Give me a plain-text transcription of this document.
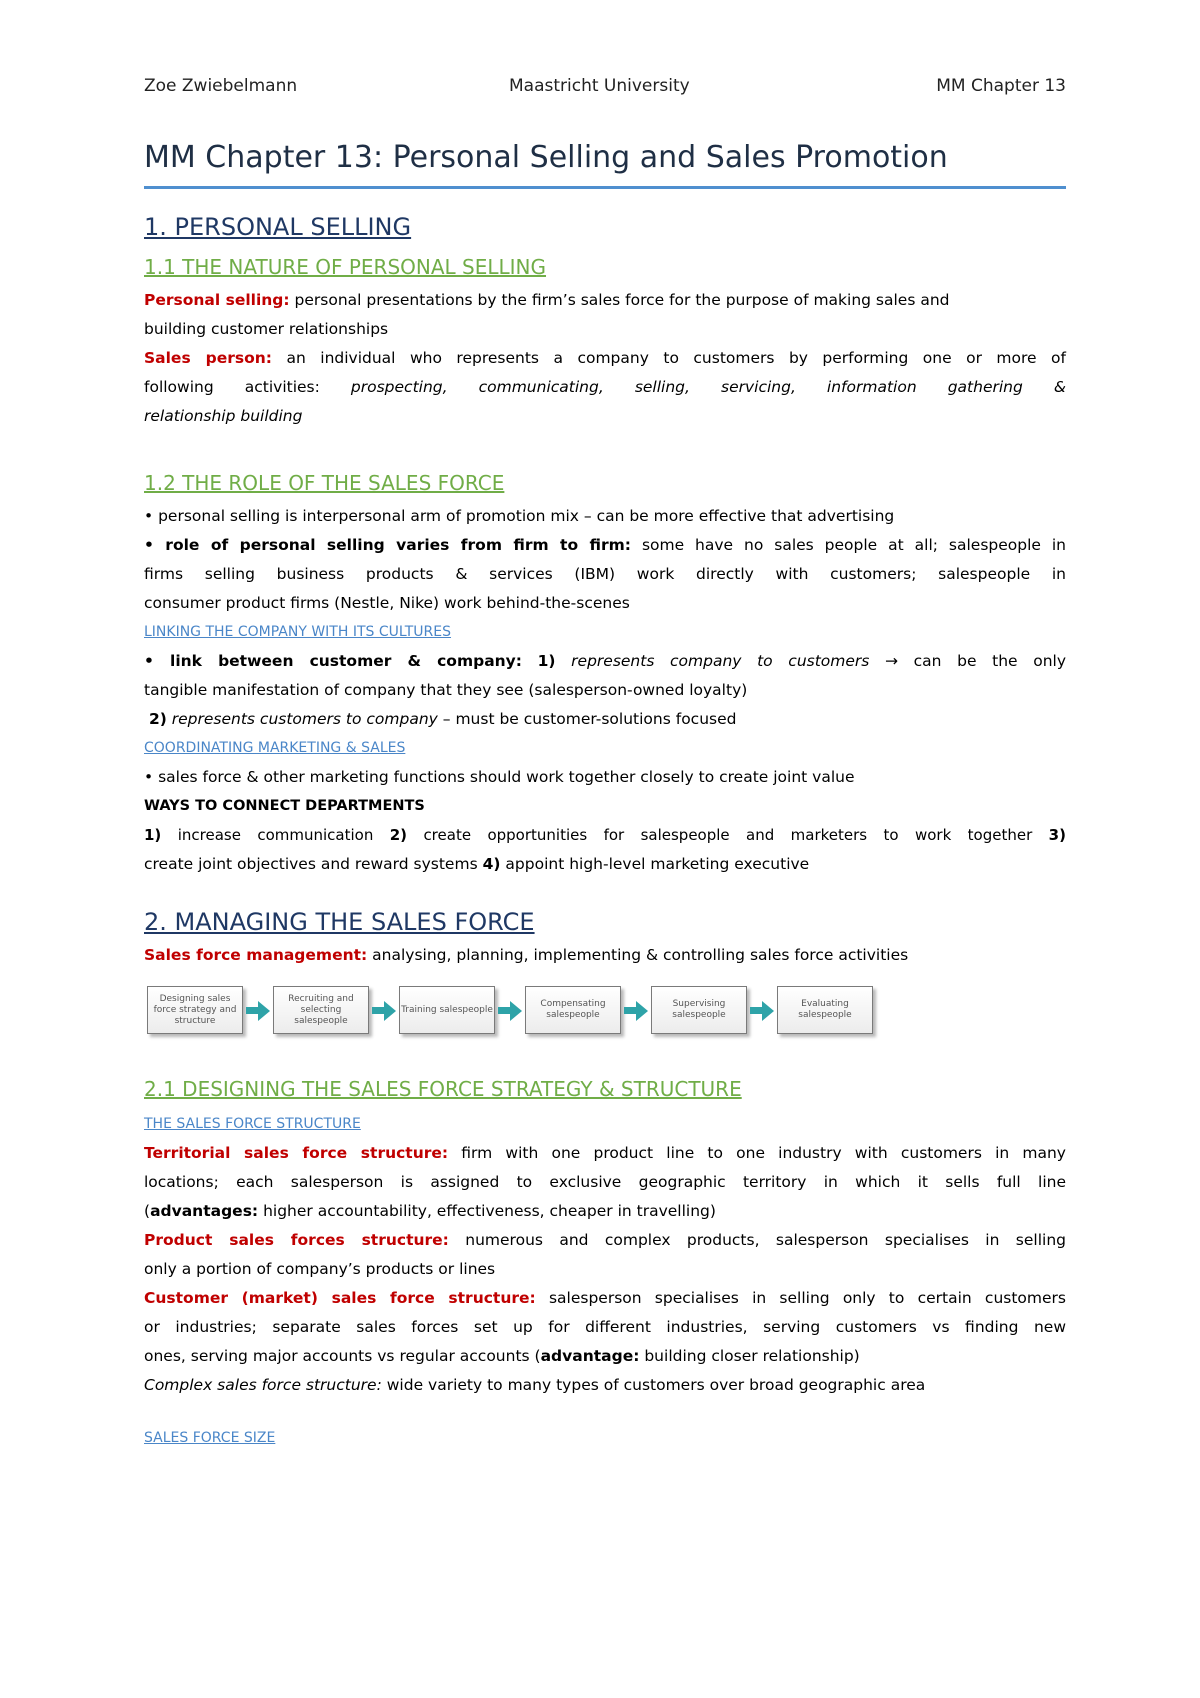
Zoe Zwiebelmann	Maastricht University	MM Chapter 13
MM Chapter 13: Personal Selling and Sales Promotion
1. PERSONAL SELLING
1.1 THE NATURE OF PERSONAL SELLING
Personal selling: personal presentations by the firm’s sales force for the purpose of making sales and
building customer relationships
Sales person: an individual who represents a company to customers by performing one or more of
following activities: prospecting, communicating, selling, servicing, information gathering &
relationship building
1.2 THE ROLE OF THE SALES FORCE
• personal selling is interpersonal arm of promotion mix – can be more effective that advertising
• role of personal selling varies from firm to firm: some have no sales people at all; salespeople in
firms selling business products & services (IBM) work directly with customers; salespeople in
consumer product firms (Nestle, Nike) work behind-the-scenes
LINKING THE COMPANY WITH ITS CULTURES
• link between customer & company: 1) represents company to customers → can be the only
tangible manifestation of company that they see (salesperson-owned loyalty)
2) represents customers to company – must be customer-solutions focused
COORDINATING MARKETING & SALES
• sales force & other marketing functions should work together closely to create joint value
WAYS TO CONNECT DEPARTMENTS
1) increase communication 2) create opportunities for salespeople and marketers to work together 3)
create joint objectives and reward systems 4) appoint high-level marketing executive
2. MANAGING THE SALES FORCE
Sales force management: analysing, planning, implementing & controlling sales force activities
Designing sales force strategy and structure
Recruiting and selecting salespeople
Training salespeople
Compensating salespeople
Supervising salespeople
Evaluating salespeople
2.1 DESIGNING THE SALES FORCE STRATEGY & STRUCTURE
THE SALES FORCE STRUCTURE
Territorial sales force structure: firm with one product line to one industry with customers in many
locations; each salesperson is assigned to exclusive geographic territory in which it sells full line
(advantages: higher accountability, effectiveness, cheaper in travelling)
Product sales forces structure: numerous and complex products, salesperson specialises in selling
only a portion of company’s products or lines
Customer (market) sales force structure: salesperson specialises in selling only to certain customers
or industries; separate sales forces set up for different industries, serving customers vs finding new
ones, serving major accounts vs regular accounts (advantage: building closer relationship)
Complex sales force structure: wide variety to many types of customers over broad geographic area
SALES FORCE SIZE
